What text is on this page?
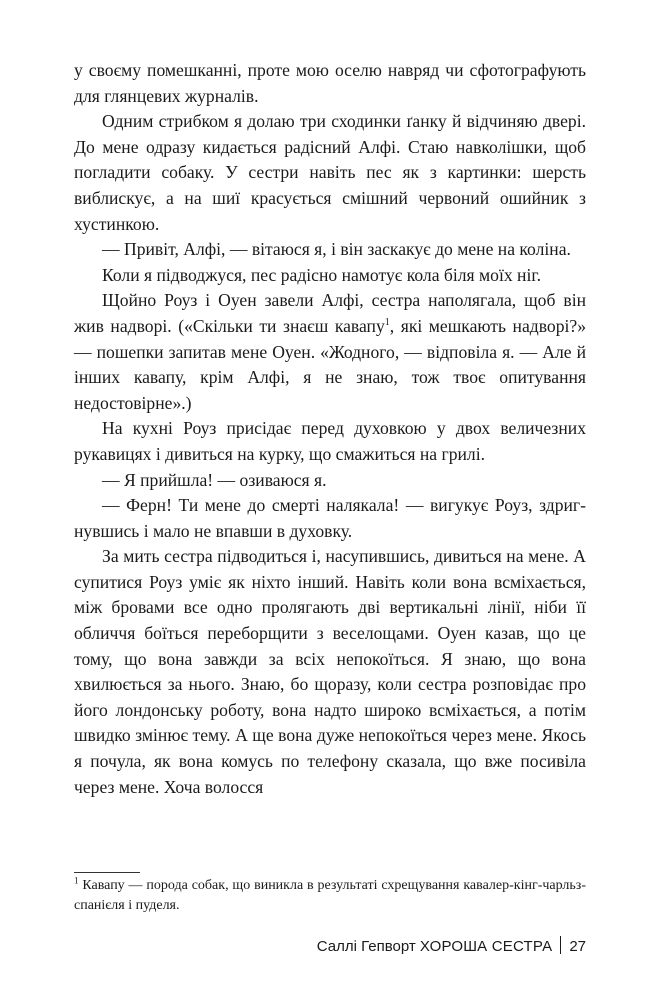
у своєму помешканні, проте мою оселю навряд чи сфотографують для глянцевих журналів.

Одним стрибком я долаю три сходинки ґанку й відчиняю двері. До мене одразу кидається радісний Алфі. Стаю навколішки, щоб погладити собаку. У сестри навіть пес як з картинки: шерсть виблискує, а на шиї красується смішний червоний ошийник з хустинкою.

— Привіт, Алфі, — вітаюся я, і він заскакує до мене на коліна.

Коли я підводжуся, пес радісно намотує кола біля моїх ніг.

Щойно Роуз і Оуен завели Алфі, сестра наполягала, щоб він жив надворі. («Скільки ти знаєш кавапу$^1$, які мешкають надворі?» — пошепки запитав мене Оуен. «Жодного, — відповіла я. — Але й інших кавапу, крім Алфі, я не знаю, тож твоє опитування недостовірне».)

На кухні Роуз присідає перед духовкою у двох величезних рукавицях і дивиться на курку, що смажиться на грилі.

— Я прийшла! — озиваюся я.

— Ферн! Ти мене до смерті налякала! — вигукує Роуз, здригнувшись і мало не впавши в духовку.

За мить сестра підводиться і, насупившись, дивиться на мене. А супитися Роуз уміє як ніхто інший. Навіть коли вона всміхається, між бровами все одно пролягають дві вертикальні лінії, ніби її обличчя боїться переборщити з веселощами. Оуен казав, що це тому, що вона завжди за всіх непокоїться. Я знаю, що вона хвилюється за нього. Знаю, бо щоразу, коли сестра розповідає про його лондонську роботу, вона надто широко всміхається, а потім швидко змінює тему. А ще вона дуже непокоїться через мене. Якось я почула, як вона комусь по телефону сказала, що вже посивіла через мене. Хоча волосся

$^1$ Кавапу — порода собак, що виникла в результаті схрещування кавалер-кінг-чарльз-спанієля і пуделя.
Саллі Гепворт ХОРОША СЕСТРА 27
